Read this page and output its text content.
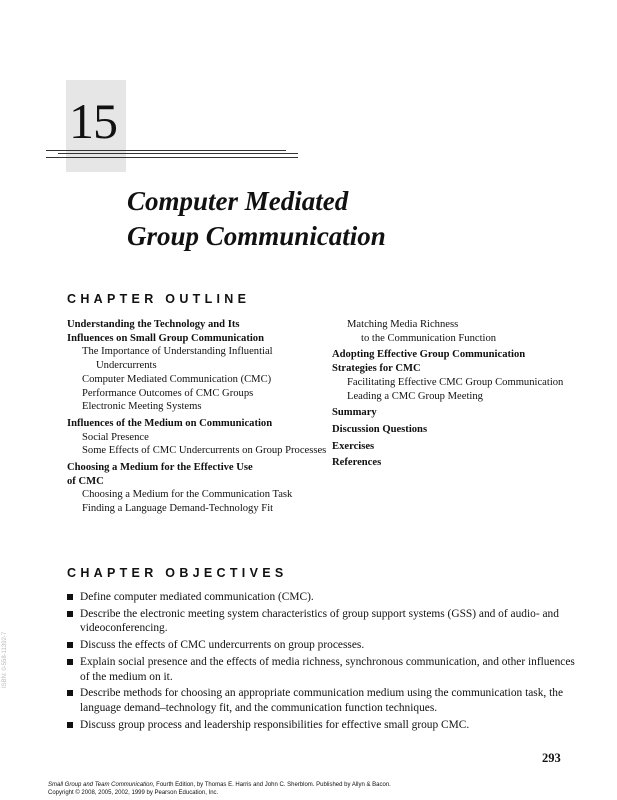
15
Computer Mediated
Group Communication
CHAPTER OUTLINE
Understanding the Technology and Its
Influences on Small Group Communication
The Importance of Understanding Influential Undercurrents
Computer Mediated Communication (CMC)
Performance Outcomes of CMC Groups
Electronic Meeting Systems
Influences of the Medium on Communication
Social Presence
Some Effects of CMC Undercurrents on Group Processes
Choosing a Medium for the Effective Use
of CMC
Choosing a Medium for the Communication Task
Finding a Language Demand-Technology Fit
Matching Media Richness
to the Communication Function
Adopting Effective Group Communication
Strategies for CMC
Facilitating Effective CMC Group Communication
Leading a CMC Group Meeting
Summary
Discussion Questions
Exercises
References
CHAPTER OBJECTIVES
Define computer mediated communication (CMC).
Describe the electronic meeting system characteristics of group support systems (GSS) and of audio- and videoconferencing.
Discuss the effects of CMC undercurrents on group processes.
Explain social presence and the effects of media richness, synchronous communication, and other influences of the medium on it.
Describe methods for choosing an appropriate communication medium using the communication task, the language demand–technology fit, and the communication function techniques.
Discuss group process and leadership responsibilities for effective small group CMC.
293
ISBN: 0-558-11392-7
Small Group and Team Communication, Fourth Edition, by Thomas E. Harris and John C. Sherblom. Published by Allyn & Bacon.
Copyright © 2008, 2005, 2002, 1999 by Pearson Education, Inc.
